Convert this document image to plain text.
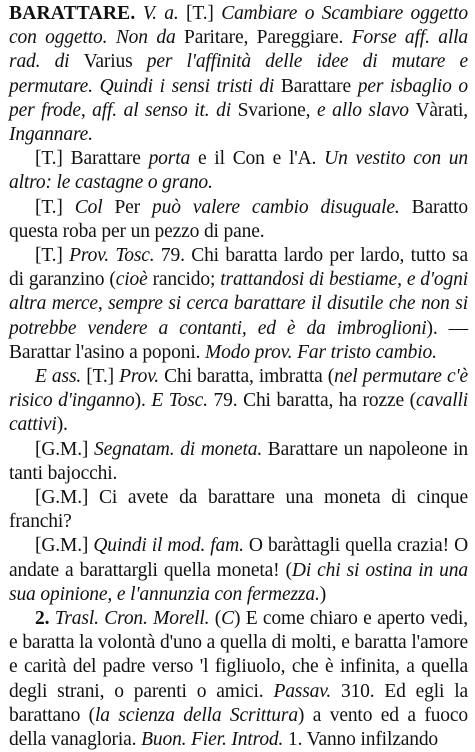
BARATTARE. V. a. [T.] Cambiare o Scambiare oggetto con oggetto. Non da Paritare, Pareggiare. Forse aff. alla rad. di Varius per l'affinità delle idee di mutare e permutare. Quindi i sensi tristi di Barattare per isbaglio o per frode, aff. al senso it. di Svarione, e allo slavo Vàrati, Ingannare.

[T.] Barattare porta e il Con e l'A. Un vestito con un altro: le castagne o grano.

[T.] Col Per può valere cambio disuguale. Baratto questa roba per un pezzo di pane.

[T.] Prov. Tosc. 79. Chi baratta lardo per lardo, tutto sa di garanzino (cioè rancido; trattandosi di bestiame, e d'ogni altra merce, sempre si cerca barattare il disutile che non si potrebbe vendere a contanti, ed è da imbroglioni). — Barattar l'asino a poponi. Modo prov. Far tristo cambio.

E ass. [T.] Prov. Chi baratta, imbratta (nel permutare c'è risico d'inganno). E Tosc. 79. Chi baratta, ha rozze (cavalli cattivi).

[G.M.] Segnatam. di moneta. Barattare un napoleone in tanti bajocchi.

[G.M.] Ci avete da barattare una moneta di cinque franchi?

[G.M.] Quindi il mod. fam. O baràttagli quella crazia! O andate a barattargli quella moneta! (Di chi si ostina in una sua opinione, e l'annunzia con fermezza.)

2. Trasl. Cron. Morell. (C) E come chiaro e aperto vedi, e baratta la volontà d'uno a quella di molti, e baratta l'amore e carità del padre verso 'l figliuolo, che è infinita, a quella degli strani, o parenti o amici. Passav. 310. Ed egli la barattano (la scienza della Scrittura) a vento ed a fuoco della vanagloria. Buon. Fier. Introd. 1. Vanno infilzando
